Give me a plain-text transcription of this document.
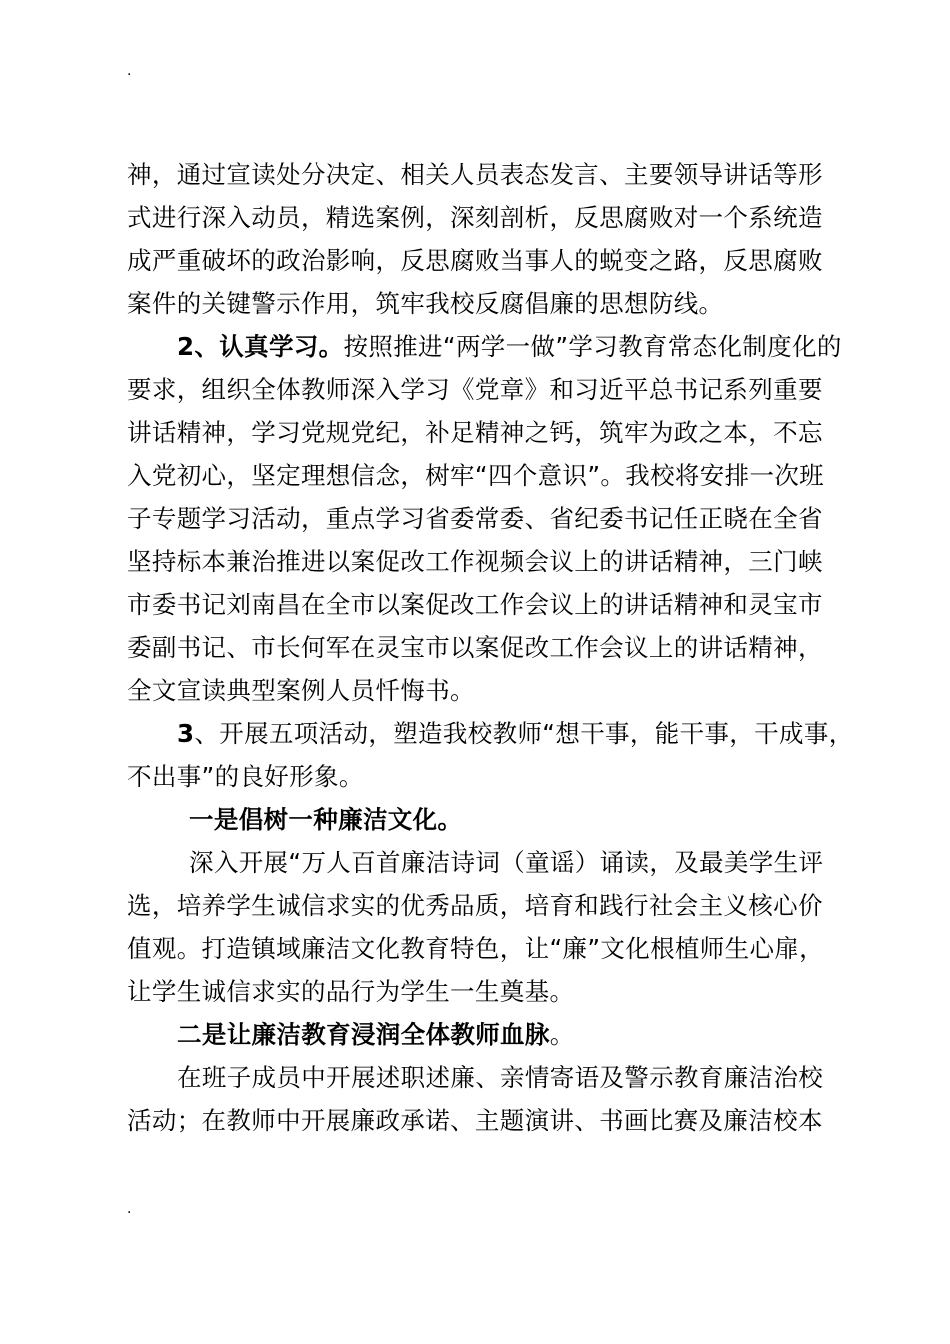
.
神，通过宣读处分决定、相关人员表态发言、主要领导讲话等形
式进行深入动员，精选案例，深刻剖析，反思腐败对一个系统造
成严重破坏的政治影响，反思腐败当事人的蜕变之路，反思腐败
案件的关键警示作用，筑牢我校反腐倡廉的思想防线。
2、认真学习。按照推进“两学一做”学习教育常态化制度化的
要求，组织全体教师深入学习《党章》和习近平总书记系列重要
讲话精神，学习党规党纪，补足精神之钙，筑牢为政之本，不忘
入党初心，坚定理想信念，树牢“四个意识”。我校将安排一次班
子专题学习活动，重点学习省委常委、省纪委书记任正晓在全省
坚持标本兼治推进以案促改工作视频会议上的讲话精神，三门峡
市委书记刘南昌在全市以案促改工作会议上的讲话精神和灵宝市
委副书记、市长何军在灵宝市以案促改工作会议上的讲话精神，
全文宣读典型案例人员忏悔书。
3、开展五项活动，塑造我校教师“想干事，能干事，干成事，
不出事”的良好形象。
一是倡树一种廉洁文化。
深入开展“万人百首廉洁诗词（童谣）诵读，及最美学生评
选，培养学生诚信求实的优秀品质，培育和践行社会主义核心价
值观。打造镇域廉洁文化教育特色，让“廉”文化根植师生心扉，
让学生诚信求实的品行为学生一生奠基。
二是让廉洁教育浸润全体教师血脉。
在班子成员中开展述职述廉、亲情寄语及警示教育廉洁治校
活动；在教师中开展廉政承诺、主题演讲、书画比赛及廉洁校本
.
